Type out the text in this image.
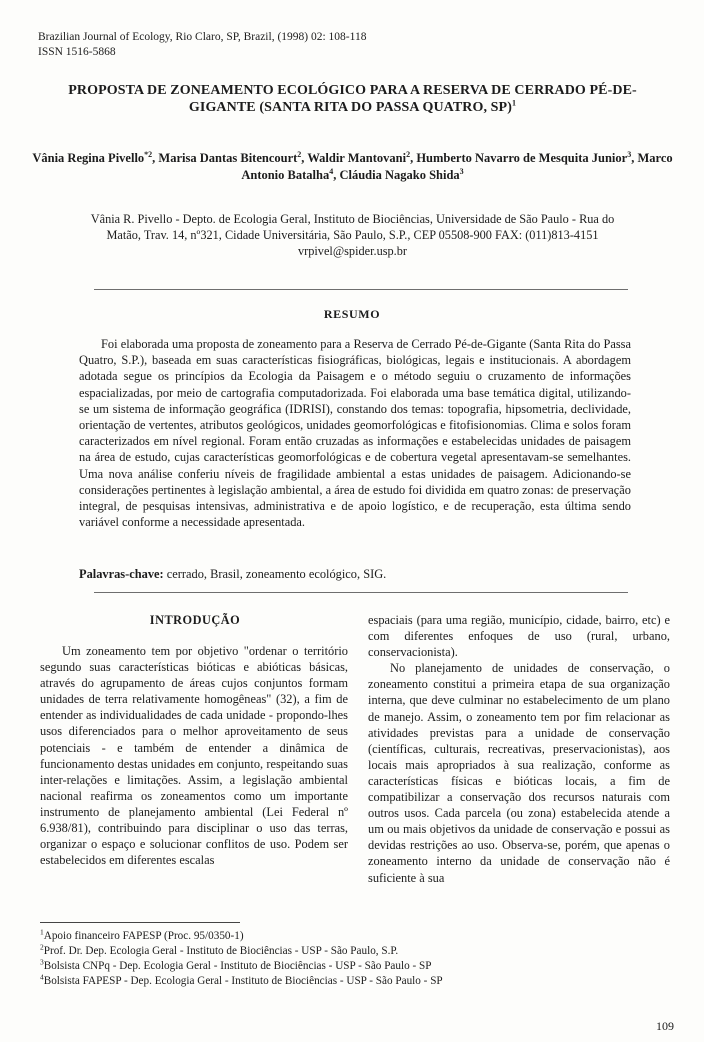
Brazilian Journal of Ecology, Rio Claro, SP, Brazil, (1998) 02: 108-118
ISSN 1516-5868
PROPOSTA DE ZONEAMENTO ECOLÓGICO PARA A RESERVA DE CERRADO PÉ-DE-
GIGANTE (SANTA RITA DO PASSA QUATRO, SP)$^1$
Vânia Regina Pivello$^{*2}$, Marisa Dantas Bitencourt$^2$, Waldir Mantovani$^2$, Humberto Navarro de Mesquita Junior$^3$, Marco Antonio Batalha$^4$, Cláudia Nagako Shida$^3$
Vânia R. Pivello - Depto. de Ecologia Geral, Instituto de Biociências, Universidade de São Paulo - Rua do
Matão, Trav. 14, nº321, Cidade Universitária, São Paulo, S.P., CEP 05508-900 FAX: (011)813-4151
vrpivel@spider.usp.br
RESUMO
Foi elaborada uma proposta de zoneamento para a Reserva de Cerrado Pé-de-Gigante (Santa Rita do Passa Quatro, S.P.), baseada em suas características fisiográficas, biológicas, legais e institucionais. A abordagem adotada segue os princípios da Ecologia da Paisagem e o método seguiu o cruzamento de informações espacializadas, por meio de cartografia computadorizada. Foi elaborada uma base temática digital, utilizando-se um sistema de informação geográfica (IDRISI), constando dos temas: topografia, hipsometria, declividade, orientação de vertentes, atributos geológicos, unidades geomorfológicas e fitofisionomias. Clima e solos foram caracterizados em nível regional. Foram então cruzadas as informações e estabelecidas unidades de paisagem na área de estudo, cujas características geomorfológicas e de cobertura vegetal apresentavam-se semelhantes. Uma nova análise conferiu níveis de fragilidade ambiental a estas unidades de paisagem. Adicionando-se considerações pertinentes à legislação ambiental, a área de estudo foi dividida em quatro zonas: de preservação integral, de pesquisas intensivas, administrativa e de apoio logístico, e de recuperação, esta última sendo variável conforme a necessidade apresentada.
Palavras-chave: cerrado, Brasil, zoneamento ecológico, SIG.
INTRODUÇÃO
Um zoneamento tem por objetivo "ordenar o território segundo suas características bióticas e abióticas básicas, através do agrupamento de áreas cujos conjuntos formam unidades de terra relativamente homogêneas" (32), a fim de entender as individualidades de cada unidade - propondo-lhes usos diferenciados para o melhor aproveitamento de seus potenciais - e também de entender a dinâmica de funcionamento destas unidades em conjunto, respeitando suas inter-relações e limitações. Assim, a legislação ambiental nacional reafirma os zoneamentos como um importante instrumento de planejamento ambiental (Lei Federal nº 6.938/81), contribuindo para disciplinar o uso das terras, organizar o espaço e solucionar conflitos de uso. Podem ser estabelecidos em diferentes escalas

espaciais (para uma região, município, cidade, bairro, etc) e com diferentes enfoques de uso (rural, urbano, conservacionista).

No planejamento de unidades de conservação, o zoneamento constitui a primeira etapa de sua organização interna, que deve culminar no estabelecimento de um plano de manejo. Assim, o zoneamento tem por fim relacionar as atividades previstas para a unidade de conservação (científicas, culturais, recreativas, preservacionistas), aos locais mais apropriados à sua realização, conforme as características físicas e bióticas locais, a fim de compatibilizar a conservação dos recursos naturais com outros usos. Cada parcela (ou zona) estabelecida atende a um ou mais objetivos da unidade de conservação e possui as devidas restrições ao uso. Observa-se, porém, que apenas o zoneamento interno da unidade de conservação não é suficiente à sua

$^1$Apoio financeiro FAPESP (Proc. 95/0350-1)
$^2$Prof. Dr. Dep. Ecologia Geral - Instituto de Biociências - USP - São Paulo, S.P.
$^3$Bolsista CNPq - Dep. Ecologia Geral - Instituto de Biociências - USP - São Paulo - SP
$^4$Bolsista FAPESP - Dep. Ecologia Geral - Instituto de Biociências - USP - São Paulo - SP
109
